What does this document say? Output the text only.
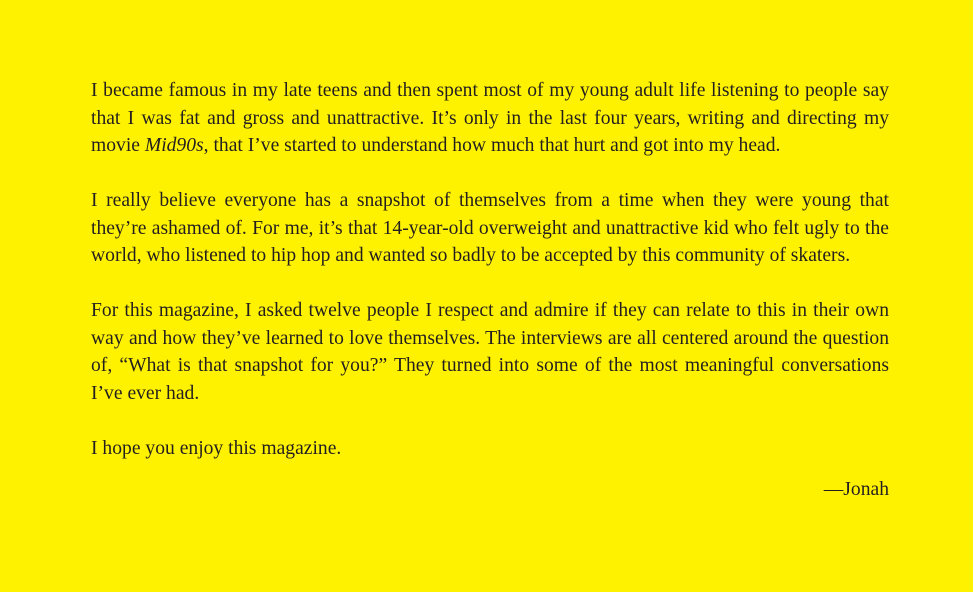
I became famous in my late teens and then spent most of my young adult life listening to people say that I was fat and gross and unattractive. It’s only in the last four years, writing and directing my movie Mid90s, that I’ve started to understand how much that hurt and got into my head.

I really believe everyone has a snapshot of themselves from a time when they were young that they’re ashamed of. For me, it’s that 14-year-old overweight and unattractive kid who felt ugly to the world, who listened to hip hop and wanted so badly to be accepted by this community of skaters.

For this magazine, I asked twelve people I respect and admire if they can relate to this in their own way and how they’ve learned to love themselves. The interviews are all centered around the question of, “What is that snapshot for you?” They turned into some of the most meaningful conversations I’ve ever had.

I hope you enjoy this magazine.

—Jonah
